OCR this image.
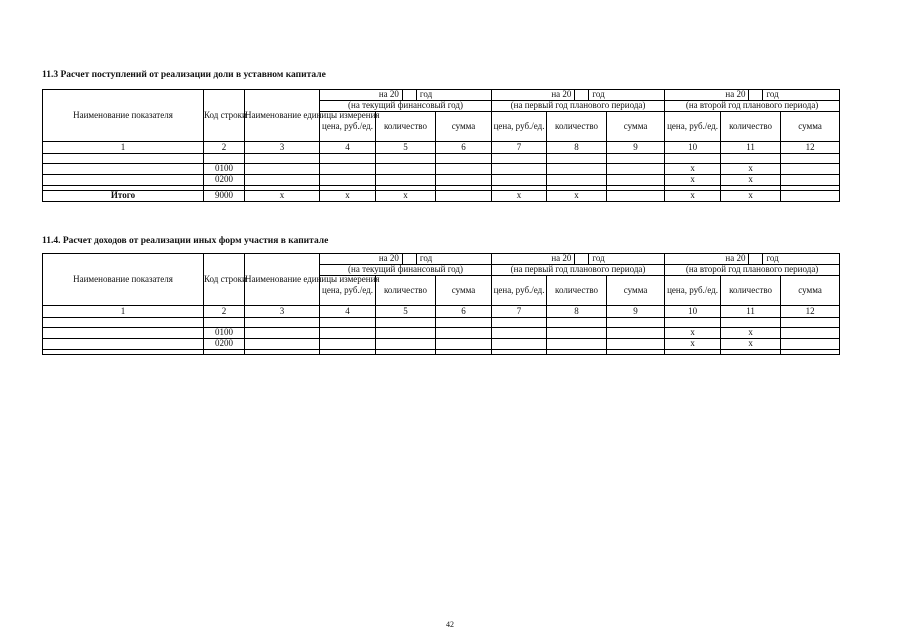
11.3 Расчет поступлений от реализации доли в уставном капитале
Наименование показателя	Код строки	Наименование единицы измерения	на 20 год			на 20 год			на 20 год		
			(на текущий финансовый год)			(на первый год планового периода)			(на второй год планового периода)		
			цена, руб./ед.	количество	сумма	цена, руб./ед.	количество	сумма	цена, руб./ед.	количество	сумма
1	2	3	4	5	6	7	8	9	10	11	12

	0100								х	х	
	0200								х	х	

Итого	9000	х	х	х		х	х		х	х	
11.4. Расчет доходов от реализации иных форм участия в капитале
Наименование показателя	Код строки	Наименование единицы измерения	на 20 год			на 20 год			на 20 год		
			(на текущий финансовый год)			(на первый год планового периода)			(на второй год планового периода)		
			цена, руб./ед.	количество	сумма	цена, руб./ед.	количество	сумма	цена, руб./ед.	количество	сумма
1	2	3	4	5	6	7	8	9	10	11	12

	0100								х	х	
	0200								х	х	

42
